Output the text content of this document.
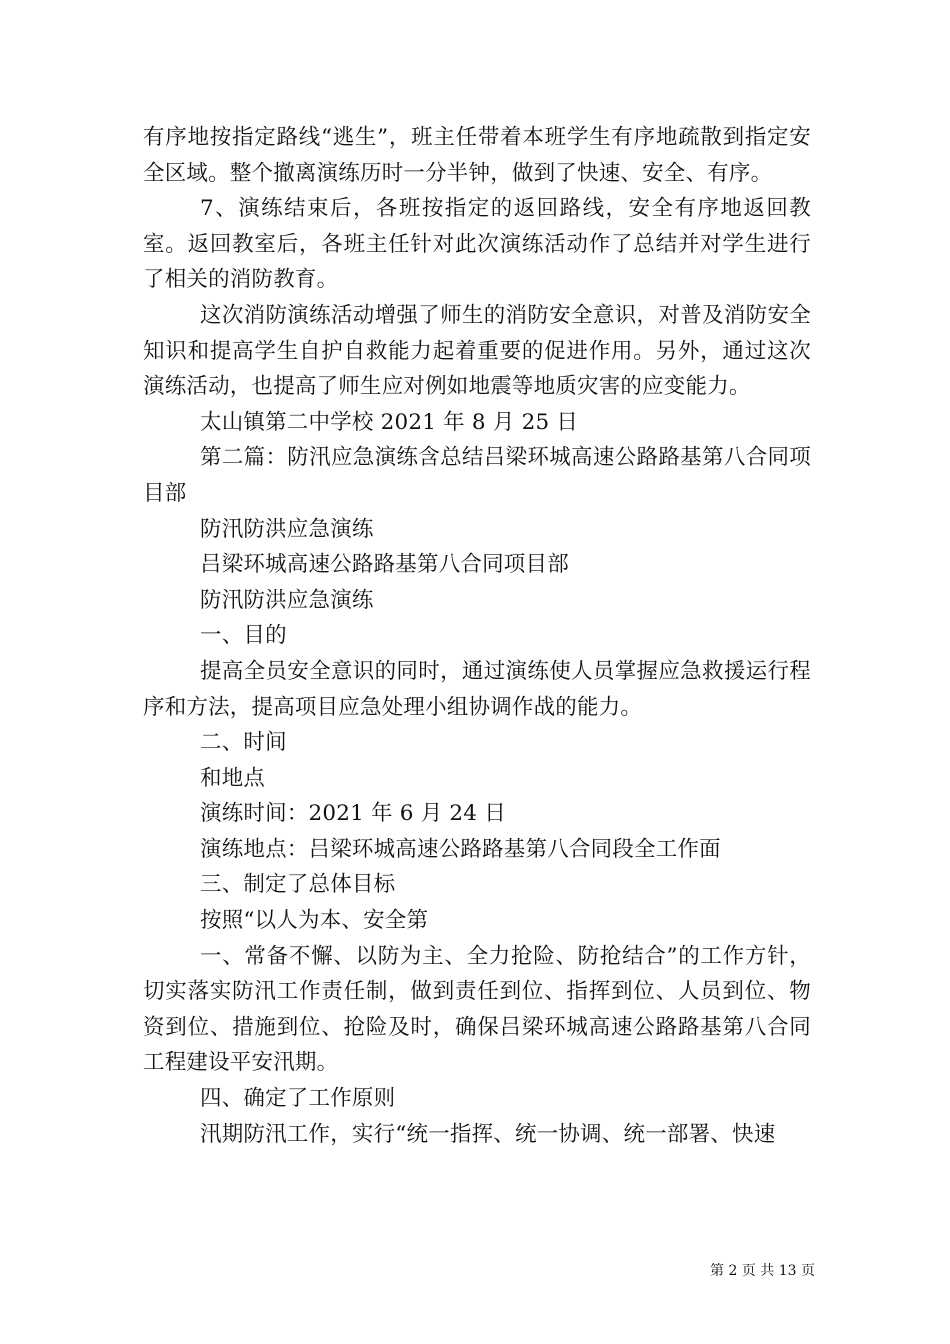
有序地按指定路线“逃生”，班主任带着本班学生有序地疏散到指定安全区域。整个撤离演练历时一分半钟，做到了快速、安全、有序。

7、演练结束后，各班按指定的返回路线，安全有序地返回教室。返回教室后，各班主任针对此次演练活动作了总结并对学生进行了相关的消防教育。

这次消防演练活动增强了师生的消防安全意识，对普及消防安全知识和提高学生自护自救能力起着重要的促进作用。另外，通过这次演练活动，也提高了师生应对例如地震等地质灾害的应变能力。

太山镇第二中学校 2021 年 8 月 25 日

第二篇：防汛应急演练含总结吕梁环城高速公路路基第八合同项目部

防汛防洪应急演练

吕梁环城高速公路路基第八合同项目部

防汛防洪应急演练

一、目的

提高全员安全意识的同时，通过演练使人员掌握应急救援运行程序和方法，提高项目应急处理小组协调作战的能力。

二、时间

和地点

演练时间：2021 年 6 月 24 日

演练地点：吕梁环城高速公路路基第八合同段全工作面

三、制定了总体目标

按照“以人为本、安全第

一、常备不懈、以防为主、全力抢险、防抢结合”的工作方针，切实落实防汛工作责任制，做到责任到位、指挥到位、人员到位、物资到位、措施到位、抢险及时，确保吕梁环城高速公路路基第八合同工程建设平安汛期。

四、确定了工作原则

汛期防汛工作，实行“统一指挥、统一协调、统一部署、快速

第 2 页 共 13 页
